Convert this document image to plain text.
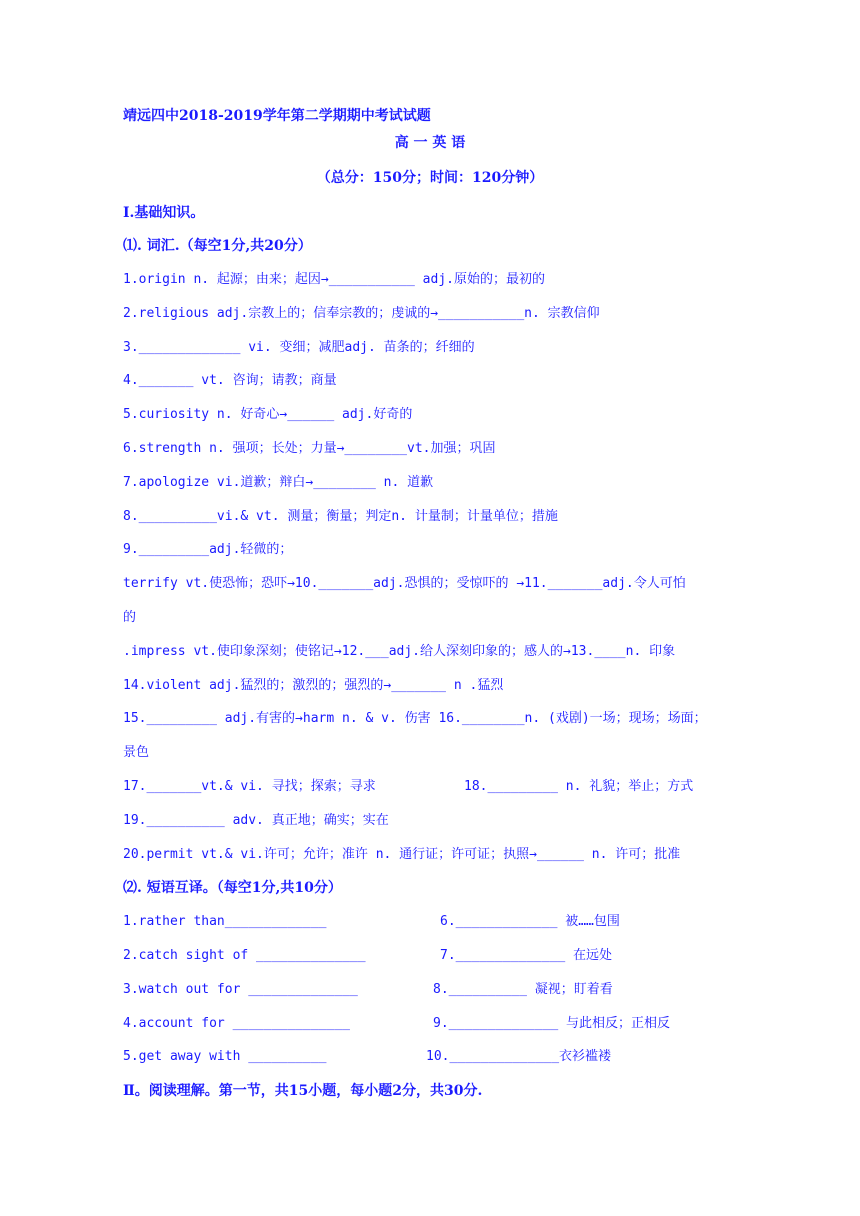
靖远四中2018-2019学年第二学期期中考试试题
高 一 英 语
（总分：150分；时间：120分钟）
Ⅰ.基础知识。
⑴. 词汇.（每空1分,共20分）
1.origin n. 起源；由来；起因→___________ adj.原始的；最初的
2.religious adj.宗教上的；信奉宗教的；虔诚的→___________n. 宗教信仰
3._____________ vi. 变细；减肥adj. 苗条的；纤细的
4._______ vt. 咨询；请教；商量
5.curiosity n. 好奇心→______ adj.好奇的
6.strength n. 强项；长处；力量→________vt.加强；巩固
7.apologize vi.道歉；辩白→________ n. 道歉
8.__________vi.& vt. 测量；衡量；判定n. 计量制；计量单位；措施
9._________adj.轻微的；
terrify vt.使恐怖；恐吓→10._______adj.恐惧的；受惊吓的 →11._______adj.令人可怕
的
.impress vt.使印象深刻；使铭记→12.___adj.给人深刻印象的；感人的→13.____n. 印象
14.violent adj.猛烈的；激烈的；强烈的→_______ n .猛烈
15._________ adj.有害的→harm n. & v. 伤害 16.________n. (戏剧)一场；现场；场面；
景色
17._______vt.& vi. 寻找；探索；寻求	18._________ n. 礼貌；举止；方式
19.__________ adv. 真正地；确实；实在
20.permit vt.& vi.许可；允许；准许 n. 通行证；许可证；执照→______ n. 许可；批准
⑵. 短语互译。（每空1分,共10分）
1.rather than_____________	6._____________ 被……包围
2.catch sight of ______________	7.______________ 在远处
3.watch out for ______________	8.__________ 凝视；盯着看
4.account for _______________	9.______________ 与此相反；正相反
5.get away with __________	10.______________衣衫褴褛
Ⅱ。阅读理解。第一节，共15小题，每小题2分，共30分.
